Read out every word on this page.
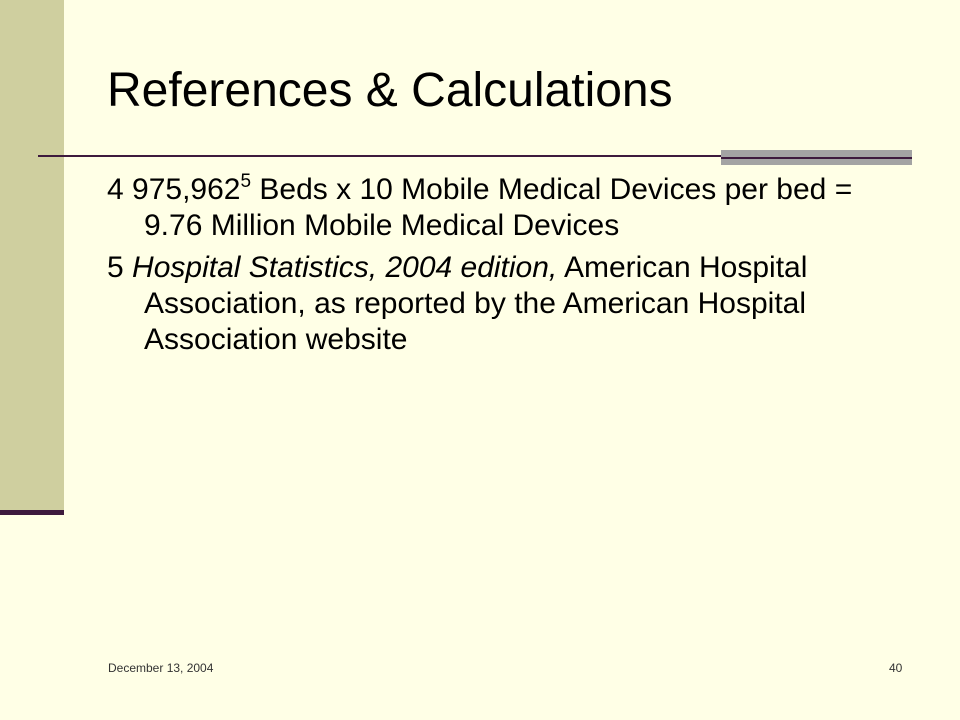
References & Calculations

4 975,962$^5$ Beds x 10 Mobile Medical Devices per bed = 9.76 Million Mobile Medical Devices

5 Hospital Statistics, 2004 edition, American Hospital Association, as reported by the American Hospital Association website

December 13, 2004	40
